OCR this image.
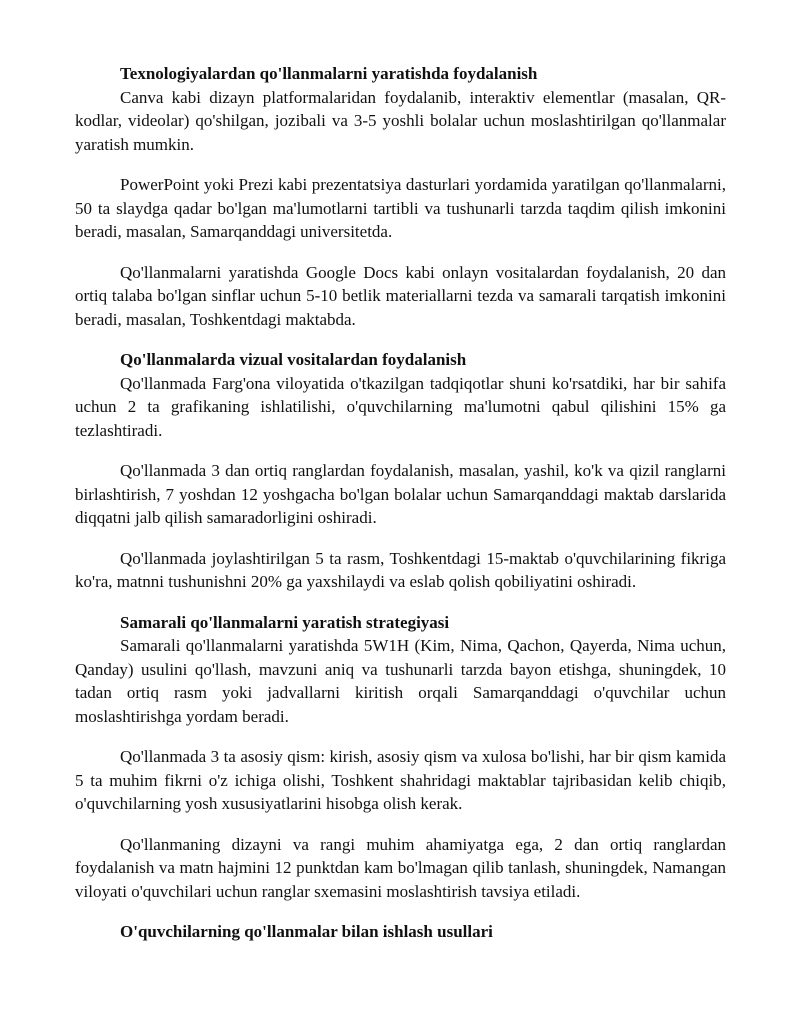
Texnologiyalardan qo'llanmalarni yaratishda foydalanish

Canva kabi dizayn platformalaridan foydalanib, interaktiv elementlar (masalan, QR-kodlar, videolar) qo'shilgan, jozibali va 3-5 yoshli bolalar uchun moslashtirilgan qo'llanmalar yaratish mumkin.

PowerPoint yoki Prezi kabi prezentatsiya dasturlari yordamida yaratilgan qo'llanmalarni, 50 ta slaydga qadar bo'lgan ma'lumotlarni tartibli va tushunarli tarzda taqdim qilish imkonini beradi, masalan, Samarqanddagi universitetda.

Qo'llanmalarni yaratishda Google Docs kabi onlayn vositalardan foydalanish, 20 dan ortiq talaba bo'lgan sinflar uchun 5-10 betlik materiallarni tezda va samarali tarqatish imkonini beradi, masalan, Toshkentdagi maktabda.

Qo'llanmalarda vizual vositalardan foydalanish

Qo'llanmada Farg'ona viloyatida o'tkazilgan tadqiqotlar shuni ko'rsatdiki, har bir sahifa uchun 2 ta grafikaning ishlatilishi, o'quvchilarning ma'lumotni qabul qilishini 15% ga tezlashtiradi.

Qo'llanmada 3 dan ortiq ranglardan foydalanish, masalan, yashil, ko'k va qizil ranglarni birlashtirish, 7 yoshdan 12 yoshgacha bo'lgan bolalar uchun Samarqanddagi maktab darslarida diqqatni jalb qilish samaradorligini oshiradi.

Qo'llanmada joylashtirilgan 5 ta rasm, Toshkentdagi 15-maktab o'quvchilarining fikriga ko'ra, matnni tushunishni 20% ga yaxshilaydi va eslab qolish qobiliyatini oshiradi.

Samarali qo'llanmalarni yaratish strategiyasi

Samarali qo'llanmalarni yaratishda 5W1H (Kim, Nima, Qachon, Qayerda, Nima uchun, Qanday) usulini qo'llash, mavzuni aniq va tushunarli tarzda bayon etishga, shuningdek, 10 tadan ortiq rasm yoki jadvallarni kiritish orqali Samarqanddagi o'quvchilar uchun moslashtirishga yordam beradi.

Qo'llanmada 3 ta asosiy qism: kirish, asosiy qism va xulosa bo'lishi, har bir qism kamida 5 ta muhim fikrni o'z ichiga olishi, Toshkent shahridagi maktablar tajribasidan kelib chiqib, o'quvchilarning yosh xususiyatlarini hisobga olish kerak.

Qo'llanmaning dizayni va rangi muhim ahamiyatga ega, 2 dan ortiq ranglardan foydalanish va matn hajmini 12 punktdan kam bo'lmagan qilib tanlash, shuningdek, Namangan viloyati o'quvchilari uchun ranglar sxemasini moslashtirish tavsiya etiladi.

O'quvchilarning qo'llanmalar bilan ishlash usullari
